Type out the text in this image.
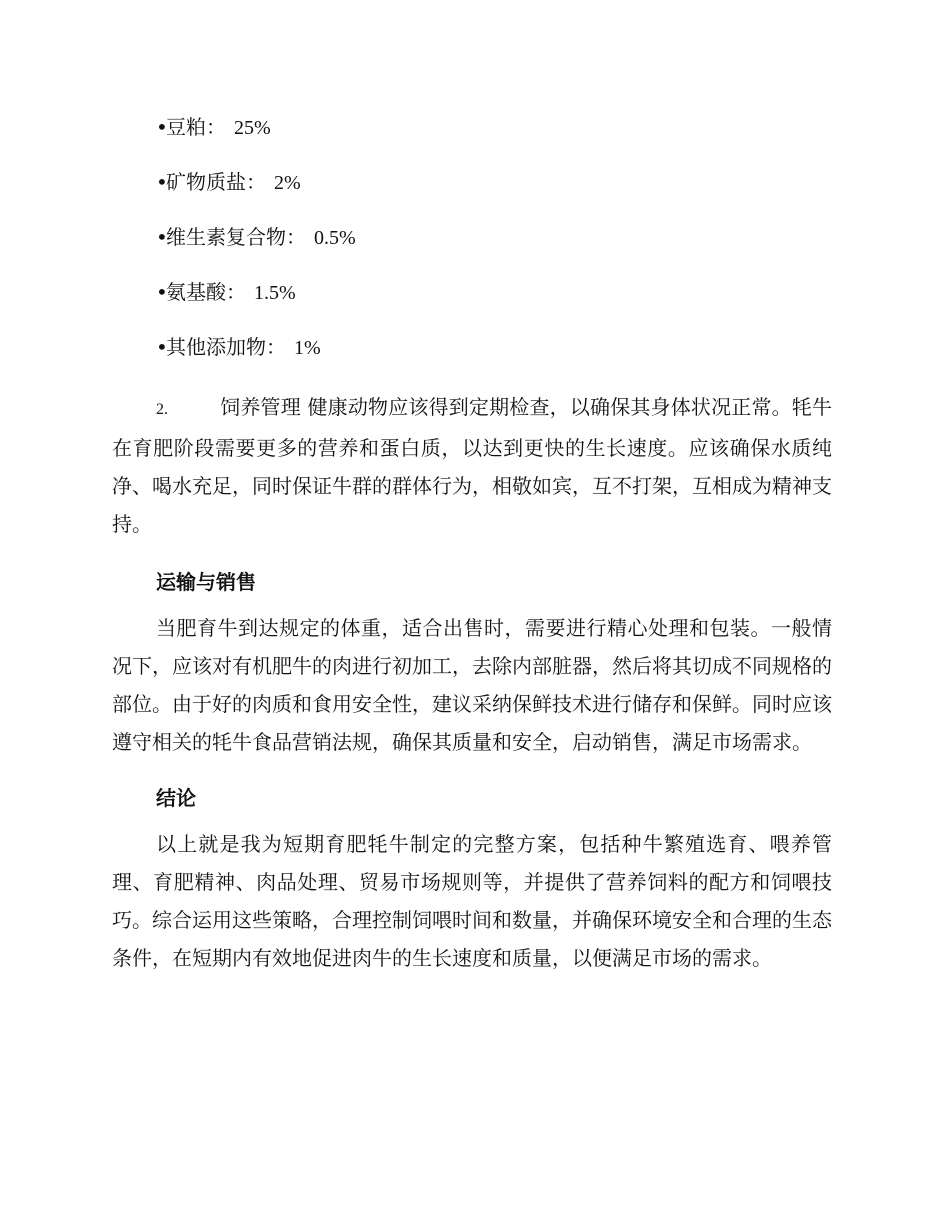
•
豆粕： 25%
•
矿物质盐： 2%
•
维生素复合物： 0.5%
•
氨基酸： 1.5%
•
其他添加物： 1%

2.	饲养管理 健康动物应该得到定期检查，以确保其身体状况正常。牦牛在育肥阶段需要更多的营养和蛋白质，以达到更快的生长速度。应该确保水质纯净、喝水充足，同时保证牛群的群体行为，相敬如宾，互不打架，互相成为精神支持。

运输与销售

当肥育牛到达规定的体重，适合出售时，需要进行精心处理和包装。一般情况下，应该对有机肥牛的肉进行初加工，去除内部脏器，然后将其切成不同规格的部位。由于好的肉质和食用安全性，建议采纳保鲜技术进行储存和保鲜。同时应该遵守相关的牦牛食品营销法规，确保其质量和安全，启动销售，满足市场需求。

结论

以上就是我为短期育肥牦牛制定的完整方案，包括种牛繁殖选育、喂养管理、育肥精神、肉品处理、贸易市场规则等，并提供了营养饲料的配方和饲喂技巧。综合运用这些策略，合理控制饲喂时间和数量，并确保环境安全和合理的生态条件，在短期内有效地促进肉牛的生长速度和质量，以便满足市场的需求。
